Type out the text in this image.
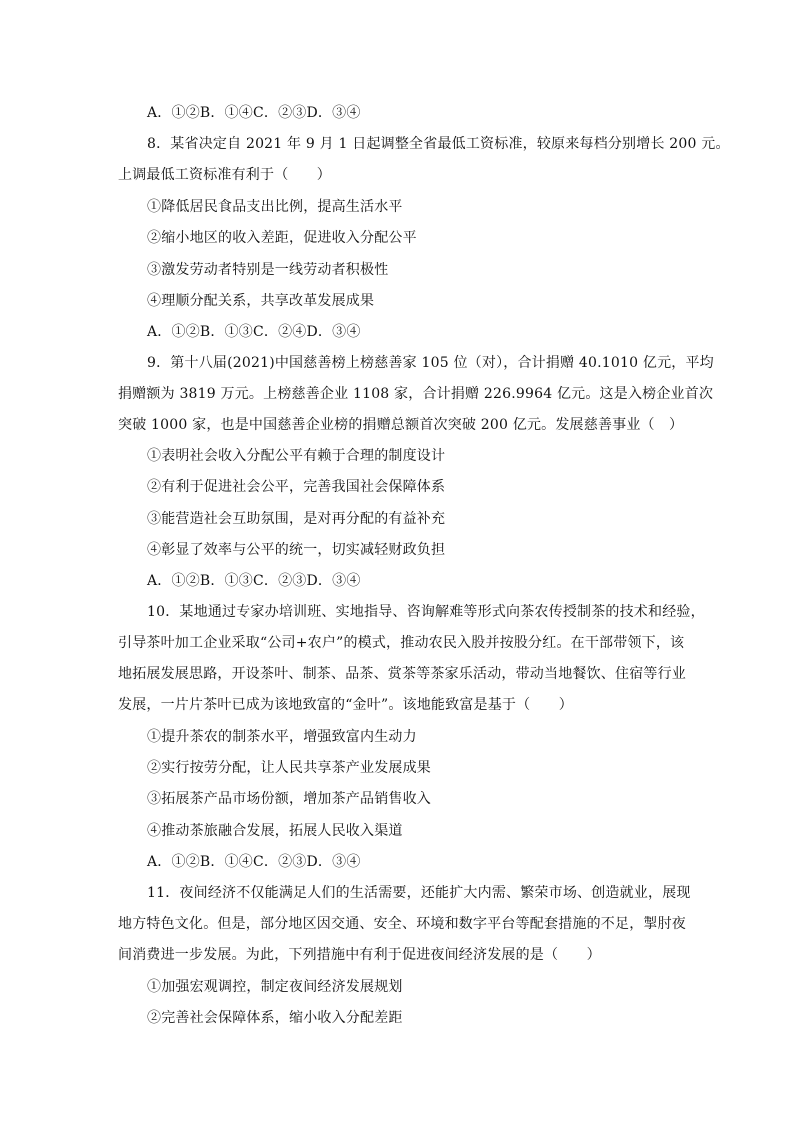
A．①②B．①④C．②③D．③④
8．某省决定自 2021 年 9 月 1 日起调整全省最低工资标准，较原来每档分别增长 200 元。
上调最低工资标准有利于（　　）
①降低居民食品支出比例，提高生活水平
②缩小地区的收入差距，促进收入分配公平
③激发劳动者特别是一线劳动者积极性
④理顺分配关系，共享改革发展成果
A．①②B．①③C．②④D．③④
9．第十八届(2021)中国慈善榜上榜慈善家 105 位（对），合计捐赠 40.1010 亿元，平均
捐赠额为 3819 万元。上榜慈善企业 1108 家，合计捐赠 226.9964 亿元。这是入榜企业首次
突破 1000 家，也是中国慈善企业榜的捐赠总额首次突破 200 亿元。发展慈善事业（　）
①表明社会收入分配公平有赖于合理的制度设计
②有利于促进社会公平，完善我国社会保障体系
③能营造社会互助氛围，是对再分配的有益补充
④彰显了效率与公平的统一，切实减轻财政负担
A．①②B．①③C．②③D．③④
10．某地通过专家办培训班、实地指导、咨询解难等形式向茶农传授制茶的技术和经验，
引导茶叶加工企业采取“公司+农户”的模式，推动农民入股并按股分红。在干部带领下，该
地拓展发展思路，开设茶叶、制茶、品茶、赏茶等茶家乐活动，带动当地餐饮、住宿等行业
发展，一片片茶叶已成为该地致富的“金叶”。该地能致富是基于（　　）
①提升茶农的制茶水平，增强致富内生动力
②实行按劳分配，让人民共享茶产业发展成果
③拓展茶产品市场份额，增加茶产品销售收入
④推动茶旅融合发展，拓展人民收入渠道
A．①②B．①④C．②③D．③④
11．夜间经济不仅能满足人们的生活需要，还能扩大内需、繁荣市场、创造就业，展现
地方特色文化。但是，部分地区因交通、安全、环境和数字平台等配套措施的不足，掣肘夜
间消费进一步发展。为此，下列措施中有利于促进夜间经济发展的是（　　）
①加强宏观调控，制定夜间经济发展规划
②完善社会保障体系，缩小收入分配差距
